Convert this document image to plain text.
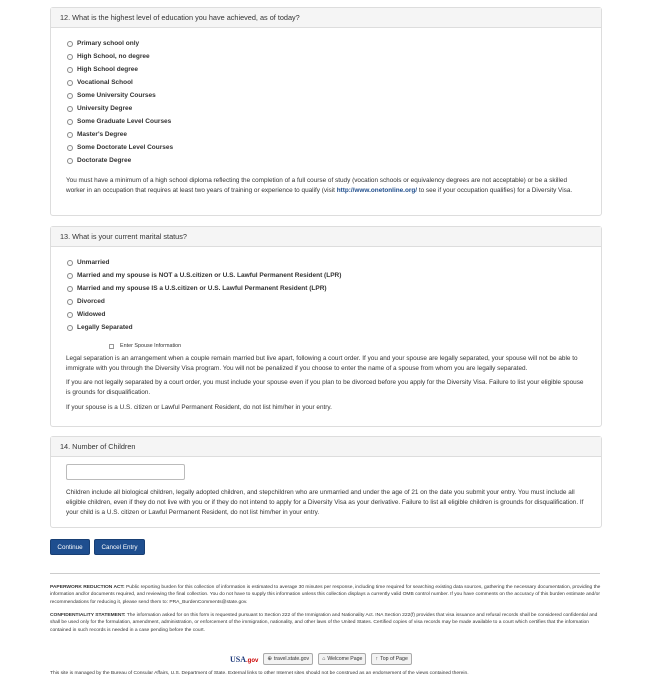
12. What is the highest level of education you have achieved, as of today?
Primary school only
High School, no degree
High School degree
Vocational School
Some University Courses
University Degree
Some Graduate Level Courses
Master's Degree
Some Doctorate Level Courses
Doctorate Degree
You must have a minimum of a high school diploma reflecting the completion of a full course of study (vocation schools or equivalency degrees are not acceptable) or be a skilled worker in an occupation that requires at least two years of training or experience to qualify (visit http://www.onetonline.org/ to see if your occupation qualifies) for a Diversity Visa.
13. What is your current marital status?
Unmarried
Married and my spouse is NOT a U.S.citizen or U.S. Lawful Permanent Resident (LPR)
Married and my spouse IS a U.S.citizen or U.S. Lawful Permanent Resident (LPR)
Divorced
Widowed
Legally Separated
Enter Spouse Information
Legal separation is an arrangement when a couple remain married but live apart, following a court order. If you and your spouse are legally separated, your spouse will not be able to immigrate with you through the Diversity Visa program. You will not be penalized if you choose to enter the name of a spouse from whom you are legally separated.
If you are not legally separated by a court order, you must include your spouse even if you plan to be divorced before you apply for the Diversity Visa. Failure to list your eligible spouse is grounds for disqualification.
If your spouse is a U.S. citizen or Lawful Permanent Resident, do not list him/her in your entry.
14. Number of Children
Children include all biological children, legally adopted children, and stepchildren who are unmarried and under the age of 21 on the date you submit your entry. You must include all eligible children, even if they do not live with you or if they do not intend to apply for a Diversity Visa as your derivative. Failure to list all eligible children is grounds for disqualification. If your child is a U.S. citizen or Lawful Permanent Resident, do not list him/her in your entry.
Continue	Cancel Entry
PAPERWORK REDUCTION ACT: Public reporting burden for this collection of information is estimated to average 30 minutes per response, including time required for searching existing data sources, gathering the necessary documentation, providing the information and/or documents required, and reviewing the final collection. You do not have to supply this information unless this collection displays a currently valid OMB control number. If you have comments on the accuracy of this burden estimate and/or recommendations for reducing it, please send them to: PRA_BurdenComments@state.gov.
CONFIDENTIALITY STATEMENT: The information asked for on this form is requested pursuant to Section 222 of the Immigration and Nationality Act. INA Section 222(f) provides that visa issuance and refusal records shall be considered confidential and shall be used only for the formulation, amendment, administration, or enforcement of the immigration, nationality, and other laws of the United States. Certified copies of visa records may be made available to a court which certifies that the information contained in such records is needed in a case pending before the court.
USA .gov ⊕ travel.state.gov ⌂ Welcome Page ↑ Top of Page
This site is managed by the Bureau of Consular Affairs, U.S. Department of State. External links to other Internet sites should not be construed as an endorsement of the views contained therein.
